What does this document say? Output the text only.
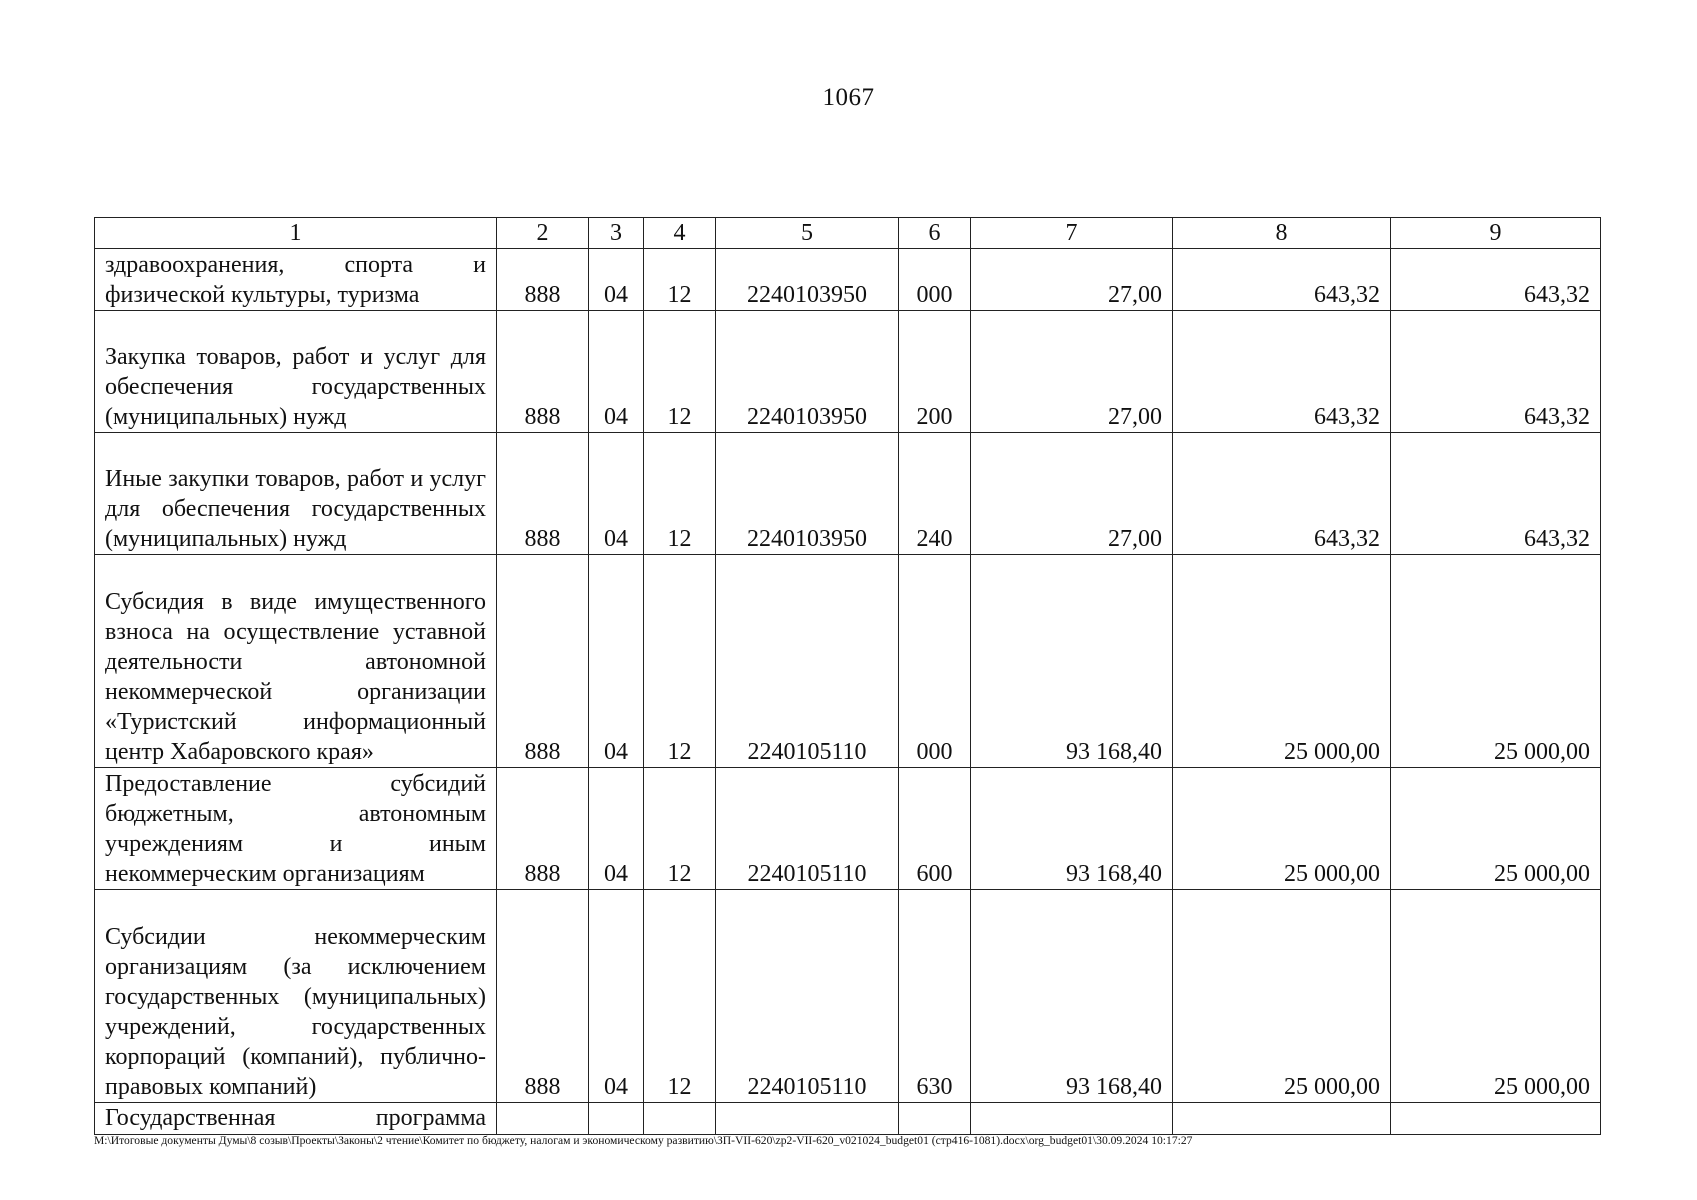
1067
1	2	3	4	5	6	7	8	9
здравоохранения, спорта и физической культуры, туризма	888	04	12	2240103950	000	27,00	643,32	643,32
Закупка товаров, работ и услуг для обеспечения государственных (муниципальных) нужд	888	04	12	2240103950	200	27,00	643,32	643,32
Иные закупки товаров, работ и услуг для обеспечения государственных (муниципальных) нужд	888	04	12	2240103950	240	27,00	643,32	643,32
Субсидия в виде имущественного взноса на осуществление уставной деятельности автономной некоммерческой организации «Туристский информационный центр Хабаровского края»	888	04	12	2240105110	000	93 168,40	25 000,00	25 000,00
Предоставление субсидий бюджетным, автономным учреждениям и иным некоммерческим организациям	888	04	12	2240105110	600	93 168,40	25 000,00	25 000,00
Субсидии некоммерческим организациям (за исключением государственных (муниципальных) учреждений, государственных корпораций (компаний), публично-правовых компаний)	888	04	12	2240105110	630	93 168,40	25 000,00	25 000,00

Государственная программа								

M:\Итоговые документы Думы\8 созыв\Проекты\Законы\2 чтение\Комитет по бюджету, налогам и экономическому развитию\ЗП-VII-620\zp2-VII-620_v021024_budget01 (стр416-1081).docx\org_budget01\30.09.2024 10:17:27
